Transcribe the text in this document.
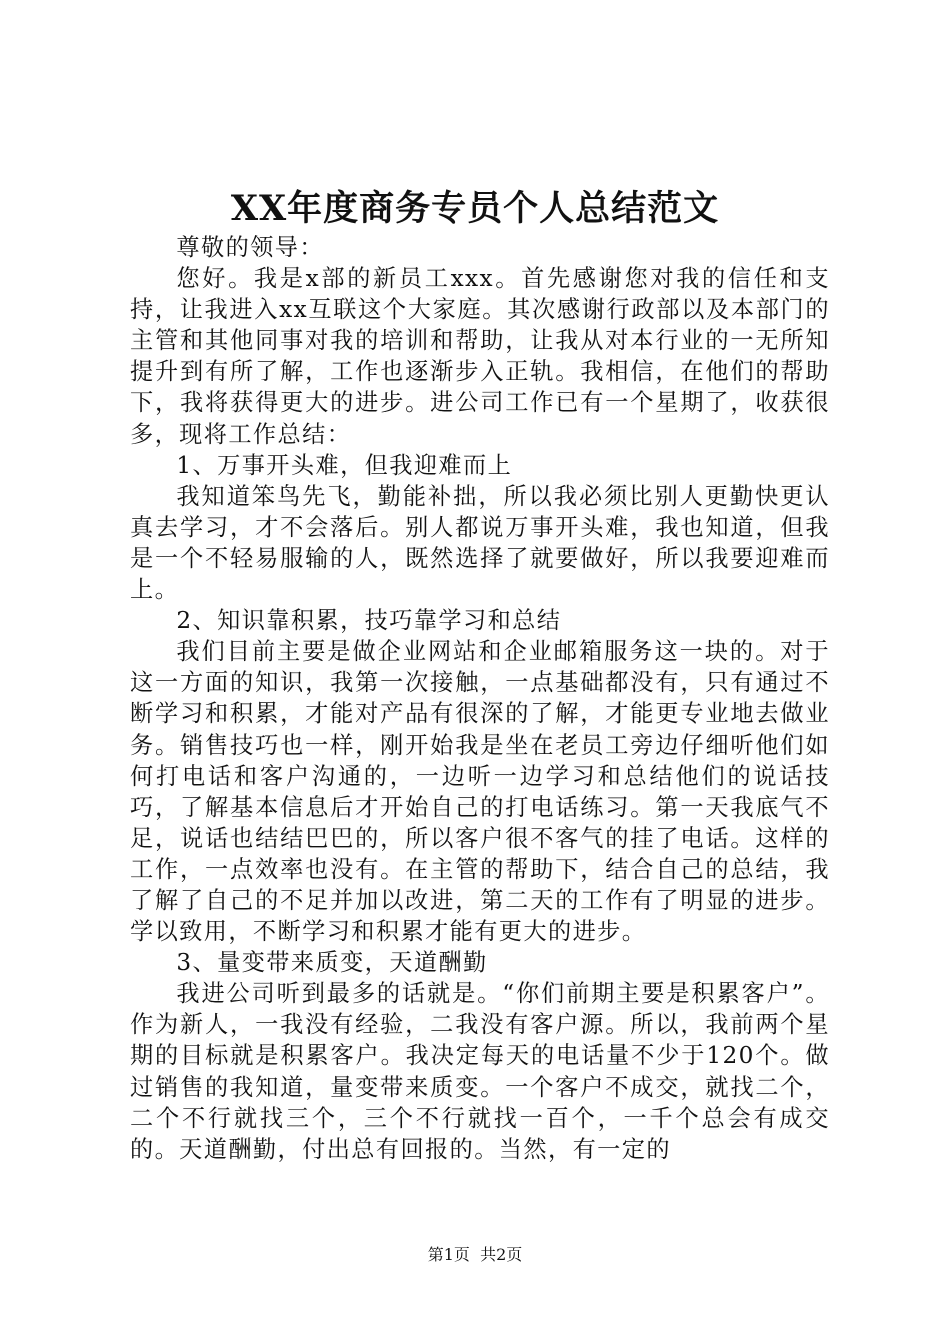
XX年度商务专员个人总结范文

尊敬的领导：

您好。我是x部的新员工xxx。首先感谢您对我的信任和支持，让我进入xx互联这个大家庭。其次感谢行政部以及本部门的主管和其他同事对我的培训和帮助，让我从对本行业的一无所知提升到有所了解，工作也逐渐步入正轨。我相信，在他们的帮助下，我将获得更大的进步。进公司工作已有一个星期了，收获很多，现将工作总结：

1、万事开头难，但我迎难而上

我知道笨鸟先飞，勤能补拙，所以我必须比别人更勤快更认真去学习，才不会落后。别人都说万事开头难，我也知道，但我是一个不轻易服输的人，既然选择了就要做好，所以我要迎难而上。

2、知识靠积累，技巧靠学习和总结

我们目前主要是做企业网站和企业邮箱服务这一块的。对于这一方面的知识，我第一次接触，一点基础都没有，只有通过不断学习和积累，才能对产品有很深的了解，才能更专业地去做业务。销售技巧也一样，刚开始我是坐在老员工旁边仔细听他们如何打电话和客户沟通的，一边听一边学习和总结他们的说话技巧，了解基本信息后才开始自己的打电话练习。第一天我底气不足，说话也结结巴巴的，所以客户很不客气的挂了电话。这样的工作，一点效率也没有。在主管的帮助下，结合自己的总结，我了解了自己的不足并加以改进，第二天的工作有了明显的进步。学以致用，不断学习和积累才能有更大的进步。

3、量变带来质变，天道酬勤

我进公司听到最多的话就是。“你们前期主要是积累客户”。作为新人，一我没有经验，二我没有客户源。所以，我前两个星期的目标就是积累客户。我决定每天的电话量不少于120个。做过销售的我知道，量变带来质变。一个客户不成交，就找二个，二个不行就找三个，三个不行就找一百个，一千个总会有成交的。天道酬勤，付出总有回报的。当然，有一定的

第1页 共2页
